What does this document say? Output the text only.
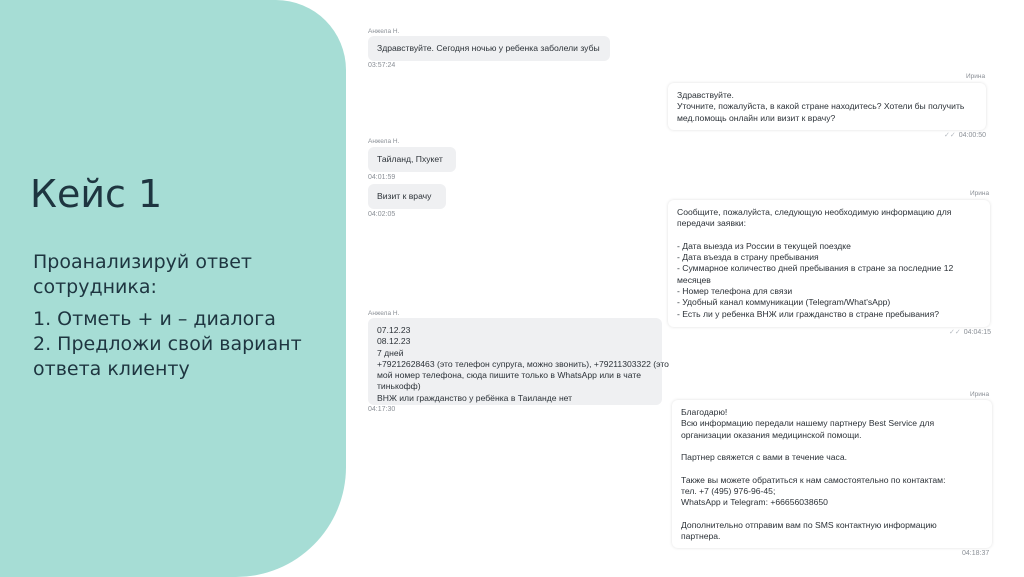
Кейс 1

Проанализируй ответ

сотрудника:

1. Отметь + и – диалога

2. Предложи свой вариант

ответа клиенту

Анжела Н.
Здравствуйте. Сегодня ночью у ребенка заболели зубы
03:57:24
Ирина
Здравствуйте.
Уточните, пожалуйста, в какой стране находитесь? Хотели бы получить
мед.помощь онлайн или визит к врачу?
✓✓ 04:00:50
Анжела Н.
Тайланд, Пхукет
04:01:59
Визит к врачу
04:02:05
Ирина
Сообщите, пожалуйста, следующую необходимую информацию для
передачи заявки:
- Дата выезда из России в текущей поездке
- Дата въезда в страну пребывания
- Суммарное количество дней пребывания в стране за последние 12
месяцев
- Номер телефона для связи
- Удобный канал коммуникации (Telegram/What'sApp)
- Есть ли у ребенка ВНЖ или гражданство в стране пребывания?
✓✓ 04:04:15
Анжела Н.
07.12.23
08.12.23
7 дней
+79212628463 (это телефон супруга, можно звонить), +79211303322 (это
мой номер телефона, сюда пишите только в WhatsApp или в чате
тинькофф)
ВНЖ или гражданство у ребёнка в Таиланде нет
04:17:30
Ирина
Благодарю!
Всю информацию передали нашему партнеру Best Service для
организации оказания медицинской помощи.
Партнер свяжется с вами в течение часа.
Также вы можете обратиться к нам самостоятельно по контактам:
тел. +7 (495) 976-96-45;
WhatsApp и Telegram: +66656038650
Дополнительно отправим вам по SMS контактную информацию
партнера.
04:18:37
